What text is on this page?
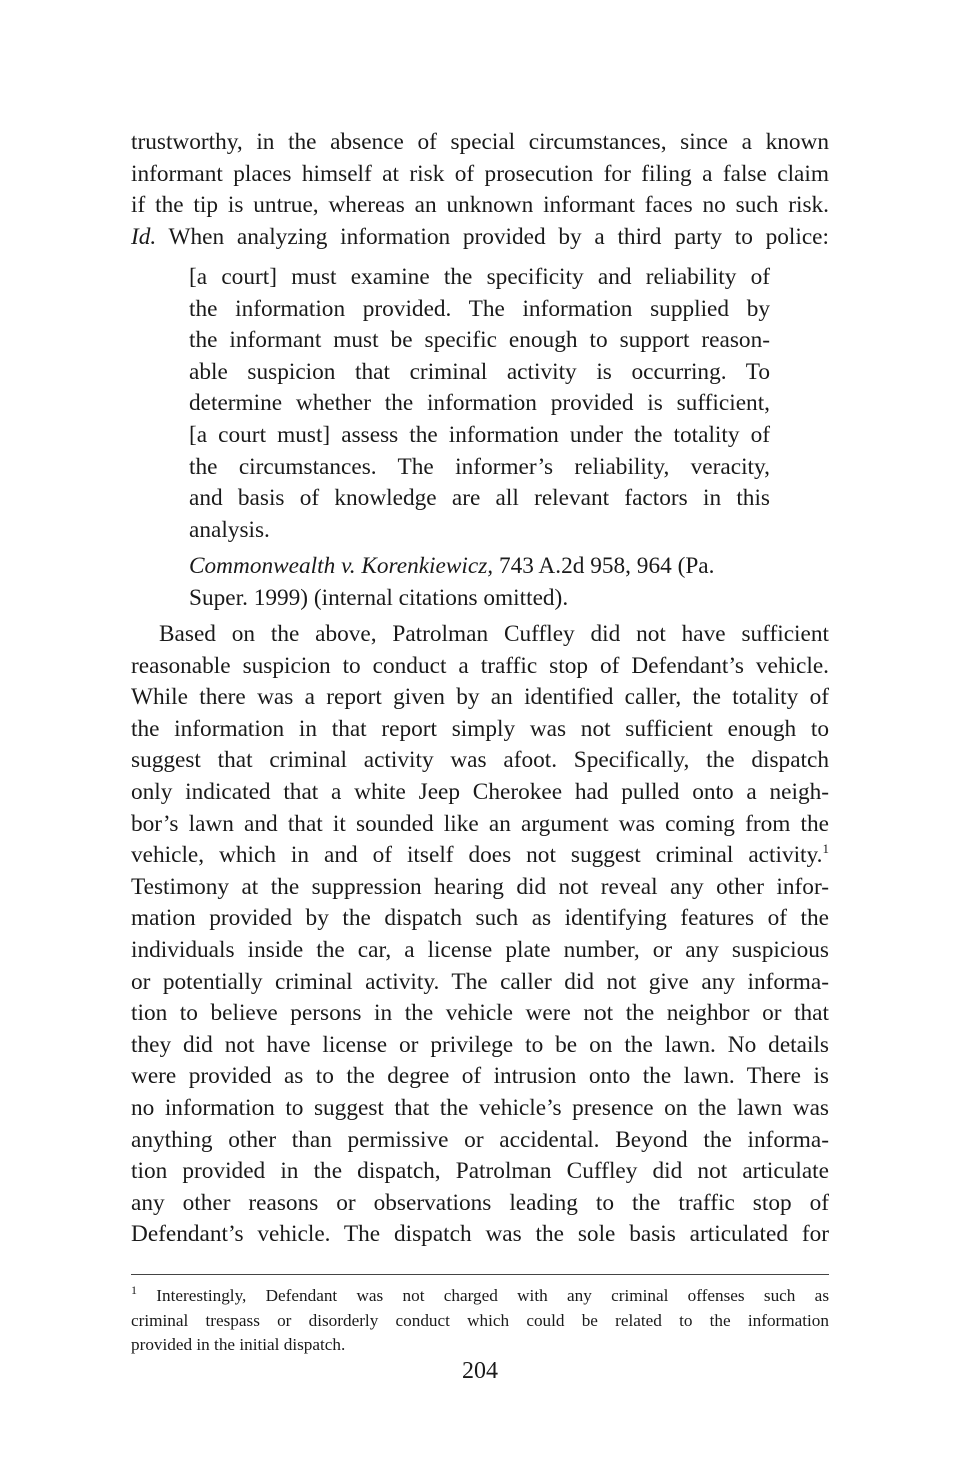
trustworthy, in the absence of special circumstances, since a known
informant places himself at risk of prosecution for filing a false claim
if the tip is untrue, whereas an unknown informant faces no such risk.
Id. When analyzing information provided by a third party to police:
[a court] must examine the specificity and reliability of
the information provided. The information supplied by
the informant must be specific enough to support reason-
able suspicion that criminal activity is occurring. To
determine whether the information provided is sufficient,
[a court must] assess the information under the totality of
the circumstances. The informer’s reliability, veracity,
and basis of knowledge are all relevant factors in this
analysis.
Commonwealth v. Korenkiewicz, 743 A.2d 958, 964 (Pa.
Super. 1999) (internal citations omitted).
Based on the above, Patrolman Cuffley did not have sufficient
reasonable suspicion to conduct a traffic stop of Defendant’s vehicle.
While there was a report given by an identified caller, the totality of
the information in that report simply was not sufficient enough to
suggest that criminal activity was afoot. Specifically, the dispatch
only indicated that a white Jeep Cherokee had pulled onto a neigh-
bor’s lawn and that it sounded like an argument was coming from the
vehicle, which in and of itself does not suggest criminal activity.$^1$
Testimony at the suppression hearing did not reveal any other infor-
mation provided by the dispatch such as identifying features of the
individuals inside the car, a license plate number, or any suspicious
or potentially criminal activity. The caller did not give any informa-
tion to believe persons in the vehicle were not the neighbor or that
they did not have license or privilege to be on the lawn. No details
were provided as to the degree of intrusion onto the lawn. There is
no information to suggest that the vehicle’s presence on the lawn was
anything other than permissive or accidental. Beyond the informa-
tion provided in the dispatch, Patrolman Cuffley did not articulate
any other reasons or observations leading to the traffic stop of
Defendant’s vehicle. The dispatch was the sole basis articulated for
$^1$ Interestingly, Defendant was not charged with any criminal offenses such as
criminal trespass or disorderly conduct which could be related to the information
provided in the initial dispatch.
204
